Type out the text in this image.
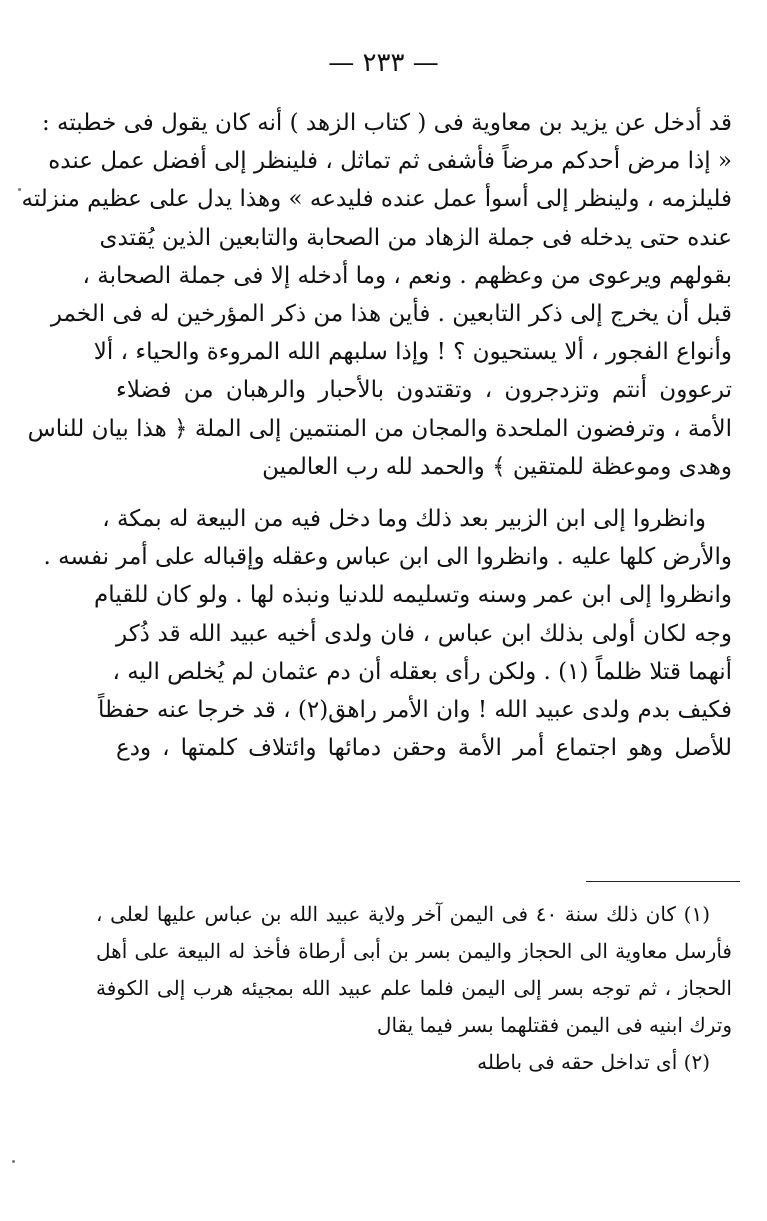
— ٢٣٣ —
قد أدخل عن يزيد بن معاوية فى ( كتاب الزهد ) أنه كان يقول فى خطبته :
« إذا مرض أحدكم مرضاً فأشفى ثم تماثل ، فلينظر إلى أفضل عمل عنده
فليلزمه ، ولينظر إلى أسوأ عمل عنده فليدعه » وهذا يدل على عظيم منزلته
عنده حتى يدخله فى جملة الزهاد من الصحابة والتابعين الذين يُقتدى
بقولهم ويرعوى من وعظهم . ونعم ، وما أدخله إلا فى جملة الصحابة ،
قبل أن يخرج إلى ذكر التابعين . فأين هذا من ذكر المؤرخين له فى الخمر
وأنواع الفجور ، ألا يستحيون ؟ ! وإذا سلبهم الله المروءة والحياء ، ألا
ترعوون أنتم وتزدجرون ، وتقتدون بالأحبار والرهبان من فضلاء
الأمة ، وترفضون الملحدة والمجان من المنتمين إلى الملة ﴿ هذا بيان للناس
وهدى وموعظة للمتقين ﴾ والحمد لله رب العالمين
وانظروا إلى ابن الزبير بعد ذلك وما دخل فيه من البيعة له بمكة ،
والأرض كلها عليه . وانظروا الى ابن عباس وعقله وإقباله على أمر نفسه .
وانظروا إلى ابن عمر وسنه وتسليمه للدنيا ونبذه لها . ولو كان للقيام
وجه لكان أولى بذلك ابن عباس ، فان ولدى أخيه عبيد الله قد ذُكر
أنهما قتلا ظلماً (١) . ولكن رأى بعقله أن دم عثمان لم يُخلص اليه ،
فكيف بدم ولدى عبيد الله ! وان الأمر راهق(٢) ، قد خرجا عنه حفظاً
للأصل وهو اجتماع أمر الأمة وحقن دمائها وائتلاف كلمتها ، ودع
(١) كان ذلك سنة ٤٠ فى اليمن آخر ولاية عبيد الله بن عباس عليها لعلى ،
فأرسل معاوية الى الحجاز واليمن بسر بن أبى أرطاة فأخذ له البيعة على أهل
الحجاز ، ثم توجه بسر إلى اليمن فلما علم عبيد الله بمجيئه هرب إلى الكوفة
وترك ابنيه فى اليمن فقتلهما بسر فيما يقال
(٢) أى تداخل حقه فى باطله
